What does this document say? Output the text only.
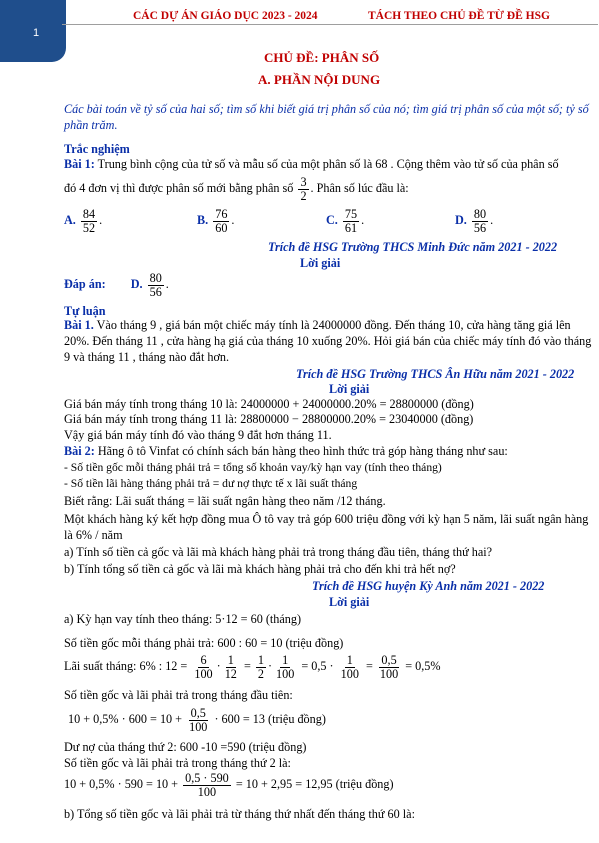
1
CÁC DỰ ÁN GIÁO DỤC 2023 - 2024	TÁCH THEO CHỦ ĐỀ TỪ ĐỀ HSG
CHỦ ĐỀ: PHÂN SỐ
A. PHẦN NỘI DUNG
Các bài toán về tỷ số của hai số; tìm số khi biết giá trị phân số của nó; tìm giá trị phân số của một số; tỷ số phần trăm.
Trắc nghiệm
Bài 1: Trung bình cộng của tử số và mẫu số của một phân số là 68 . Cộng thêm vào tử số của phân số
đó 4 đơn vị thì được phân số mới bằng phân số $\frac{3}{2}$ . Phân số lúc đầu là:
A. $\frac{84}{52}$ .	B. $\frac{76}{60}$ .	C. $\frac{75}{61}$ .	D. $\frac{80}{56}$ .
Trích đề HSG Trường THCS Minh Đức năm 2021 - 2022
Lời giải
Đáp án: D. $\frac{80}{56}$ .
Tự luận
Bài 1. Vào tháng 9 , giá bán một chiếc máy tính là 24000000 đồng. Đến tháng 10, cửa hàng tăng giá lên 20%. Đến tháng 11 , cửa hàng hạ giá của tháng 10 xuống 20%. Hỏi giá bán của chiếc máy tính đó vào tháng 9 và tháng 11 , tháng nào đắt hơn.
Trích đề HSG Trường THCS Ân Hữu năm 2021 - 2022
Lời giải
Giá bán máy tính trong tháng 10 là: 24000000 + 24000000.20% = 28800000 (đồng)
Giá bán máy tính trong tháng 11 là: 28800000 − 28800000.20% = 23040000 (đồng)
Vậy giá bán máy tính đó vào tháng 9 đắt hơn tháng 11.
Bài 2: Hãng ô tô Vinfat có chính sách bán hàng theo hình thức trả góp hàng tháng như sau:
- Số tiền gốc mỗi tháng phải trả = tổng số khoản vay/kỳ hạn vay (tính theo tháng)
- Số tiền lãi hàng tháng phải trả = dư nợ thực tế x lãi suất tháng
Biết rằng: Lãi suất tháng = lãi suất ngân hàng theo năm /12 tháng.
Một khách hàng ký kết hợp đồng mua Ô tô vay trả góp 600 triệu đồng với kỳ hạn 5 năm, lãi suất ngân hàng là 6% / năm
a) Tính số tiền cả gốc và lãi mà khách hàng phải trả trong tháng đầu tiên, tháng thứ hai?
b) Tính tổng số tiền cả gốc và lãi mà khách hàng phải trả cho đến khi trả hết nợ?
Trích đề HSG huyện Kỳ Anh năm 2021 - 2022
Lời giải
a) Kỳ hạn vay tính theo tháng: 5·12 = 60 (tháng)
Số tiền gốc mỗi tháng phải trả: 600 : 60 = 10 (triệu đồng)
Lãi suất tháng: 6% : $12 = \frac{6}{100} \cdot \frac{1}{12} = \frac{1}{2} \cdot \frac{1}{100} = 0,5 \cdot \frac{1}{100} = \frac{0,5}{100} = 0,5\%$
Số tiền gốc và lãi phải trả trong tháng đầu tiên:
$10 + 0,5\% \cdot 600 = 10 + \frac{0,5}{100} \cdot 600 = 13$ (triệu đồng)
Dư nợ của tháng thứ 2: 600 -10 =590 (triệu đồng)
Số tiền gốc và lãi phải trả trong tháng thứ 2 là:
$10 + 0,5\% \cdot 590 = 10 + \frac{0,5 \cdot 590}{100} = 10 + 2,95 = 12,95$ (triệu đồng)
b) Tổng số tiền gốc và lãi phải trả từ tháng thứ nhất đến tháng thứ 60 là:
